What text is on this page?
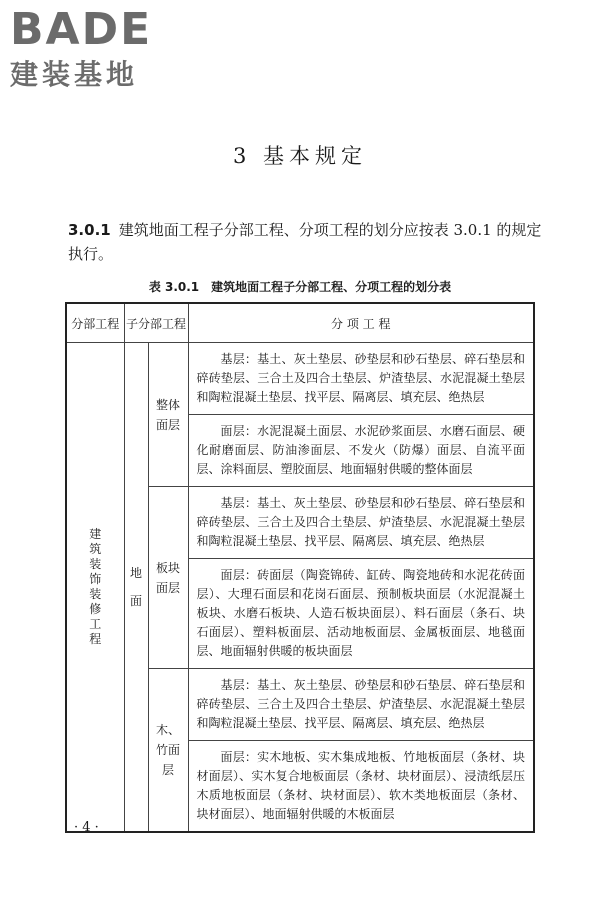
BADE
建装基地
3 基本规定
3.0.1 建筑地面工程子分部工程、分项工程的划分应按表 3.0.1 的规定执行。
表 3.0.1　建筑地面工程子分部工程、分项工程的划分表
分部工程	子分部工程		分 项 工 程

建筑装饰装修工程	地面	整体面层	基层：基土、灰土垫层、砂垫层和砂石垫层、碎石垫层和碎砖垫层、三合土及四合土垫层、炉渣垫层、水泥混凝土垫层和陶粒混凝土垫层、找平层、隔离层、填充层、绝热层
			面层：水泥混凝土面层、水泥砂浆面层、水磨石面层、硬化耐磨面层、防油渗面层、不发火（防爆）面层、自流平面层、涂料面层、塑胶面层、地面辐射供暖的整体面层

		板块面层	基层：基土、灰土垫层、砂垫层和砂石垫层、碎石垫层和碎砖垫层、三合土及四合土垫层、炉渣垫层、水泥混凝土垫层和陶粒混凝土垫层、找平层、隔离层、填充层、绝热层
			面层：砖面层（陶瓷锦砖、缸砖、陶瓷地砖和水泥花砖面层）、大理石面层和花岗石面层、预制板块面层（水泥混凝土板块、水磨石板块、人造石板块面层）、料石面层（条石、块石面层）、塑料板面层、活动地板面层、金属板面层、地毯面层、地面辐射供暖的板块面层

		木、竹面层	基层：基土、灰土垫层、砂垫层和砂石垫层、碎石垫层和碎砖垫层、三合土及四合土垫层、炉渣垫层、水泥混凝土垫层和陶粒混凝土垫层、找平层、隔离层、填充层、绝热层
			面层：实木地板、实木集成地板、竹地板面层（条材、块材面层）、实木复合地板面层（条材、块材面层）、浸渍纸层压木质地板面层（条材、块材面层）、软木类地板面层（条材、块材面层）、地面辐射供暖的木板面层
· 4 ·
